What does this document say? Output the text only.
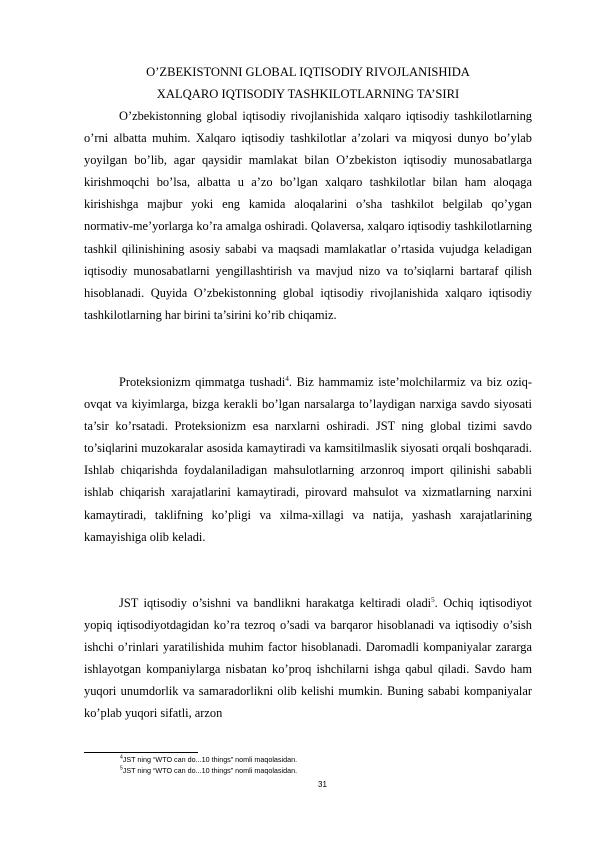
O’ZBEKISTONNI GLOBAL IQTISODIY RIVOJLANISHIDA
XALQARO IQTISODIY TASHKILOTLARNING TA’SIRI

O’zbekistonning global iqtisodiy rivojlanishida xalqaro iqtisodiy tashkilotlarning o’rni albatta muhim. Xalqaro iqtisodiy tashkilotlar a’zolari va miqyosi dunyo bo’ylab yoyilgan bo’lib, agar qaysidir mamlakat bilan O’zbekiston iqtisodiy munosabatlarga kirishmoqchi bo’lsa, albatta u a’zo bo’lgan xalqaro tashkilotlar bilan ham aloqaga kirishishga majbur yoki eng kamida aloqalarini o’sha tashkilot belgilab qo’ygan normativ-me’yorlarga ko’ra amalga oshiradi. Qolaversa, xalqaro iqtisodiy tashkilotlarning tashkil qilinishining asosiy sababi va maqsadi mamlakatlar o’rtasida vujudga keladigan iqtisodiy munosabatlarni yengillashtirish va mavjud nizo va to’siqlarni bartaraf qilish hisoblanadi. Quyida O’zbekistonning global iqtisodiy rivojlanishida xalqaro iqtisodiy tashkilotlarning har birini ta’sirini ko’rib chiqamiz.

Proteksionizm qimmatga tushadi$^4$. Biz hammamiz iste’molchilarmiz va biz oziq-ovqat va kiyimlarga, bizga kerakli bo’lgan narsalarga to’laydigan narxiga savdo siyosati ta’sir ko’rsatadi. Proteksionizm esa narxlarni oshiradi. JST ning global tizimi savdo to’siqlarini muzokaralar asosida kamaytiradi va kamsitilmaslik siyosati orqali boshqaradi. Ishlab chiqarishda foydalaniladigan mahsulotlarning arzonroq import qilinishi sababli ishlab chiqarish xarajatlarini kamaytiradi, pirovard mahsulot va xizmatlarning narxini kamaytiradi, taklifning ko’pligi va xilma-xillagi va natija, yashash xarajatlarining kamayishiga olib keladi.

JST iqtisodiy o’sishni va bandlikni harakatga keltiradi oladi$^5$. Ochiq iqtisodiyot yopiq iqtisodiyotdagidan ko’ra tezroq o’sadi va barqaror hisoblanadi va iqtisodiy o’sish ishchi o’rinlari yaratilishida muhim factor hisoblanadi. Daromadli kompaniyalar zararga ishlayotgan kompaniylarga nisbatan ko’proq ishchilarni ishga qabul qiladi. Savdo ham yuqori unumdorlik va samaradorlikni olib kelishi mumkin. Buning sababi kompaniyalar ko’plab yuqori sifatli, arzon

$^4$JST ning “WTO can do...10 things” nomli maqolasidan.
$^5$JST ning “WTO can do...10 things” nomli maqolasidan.
31
